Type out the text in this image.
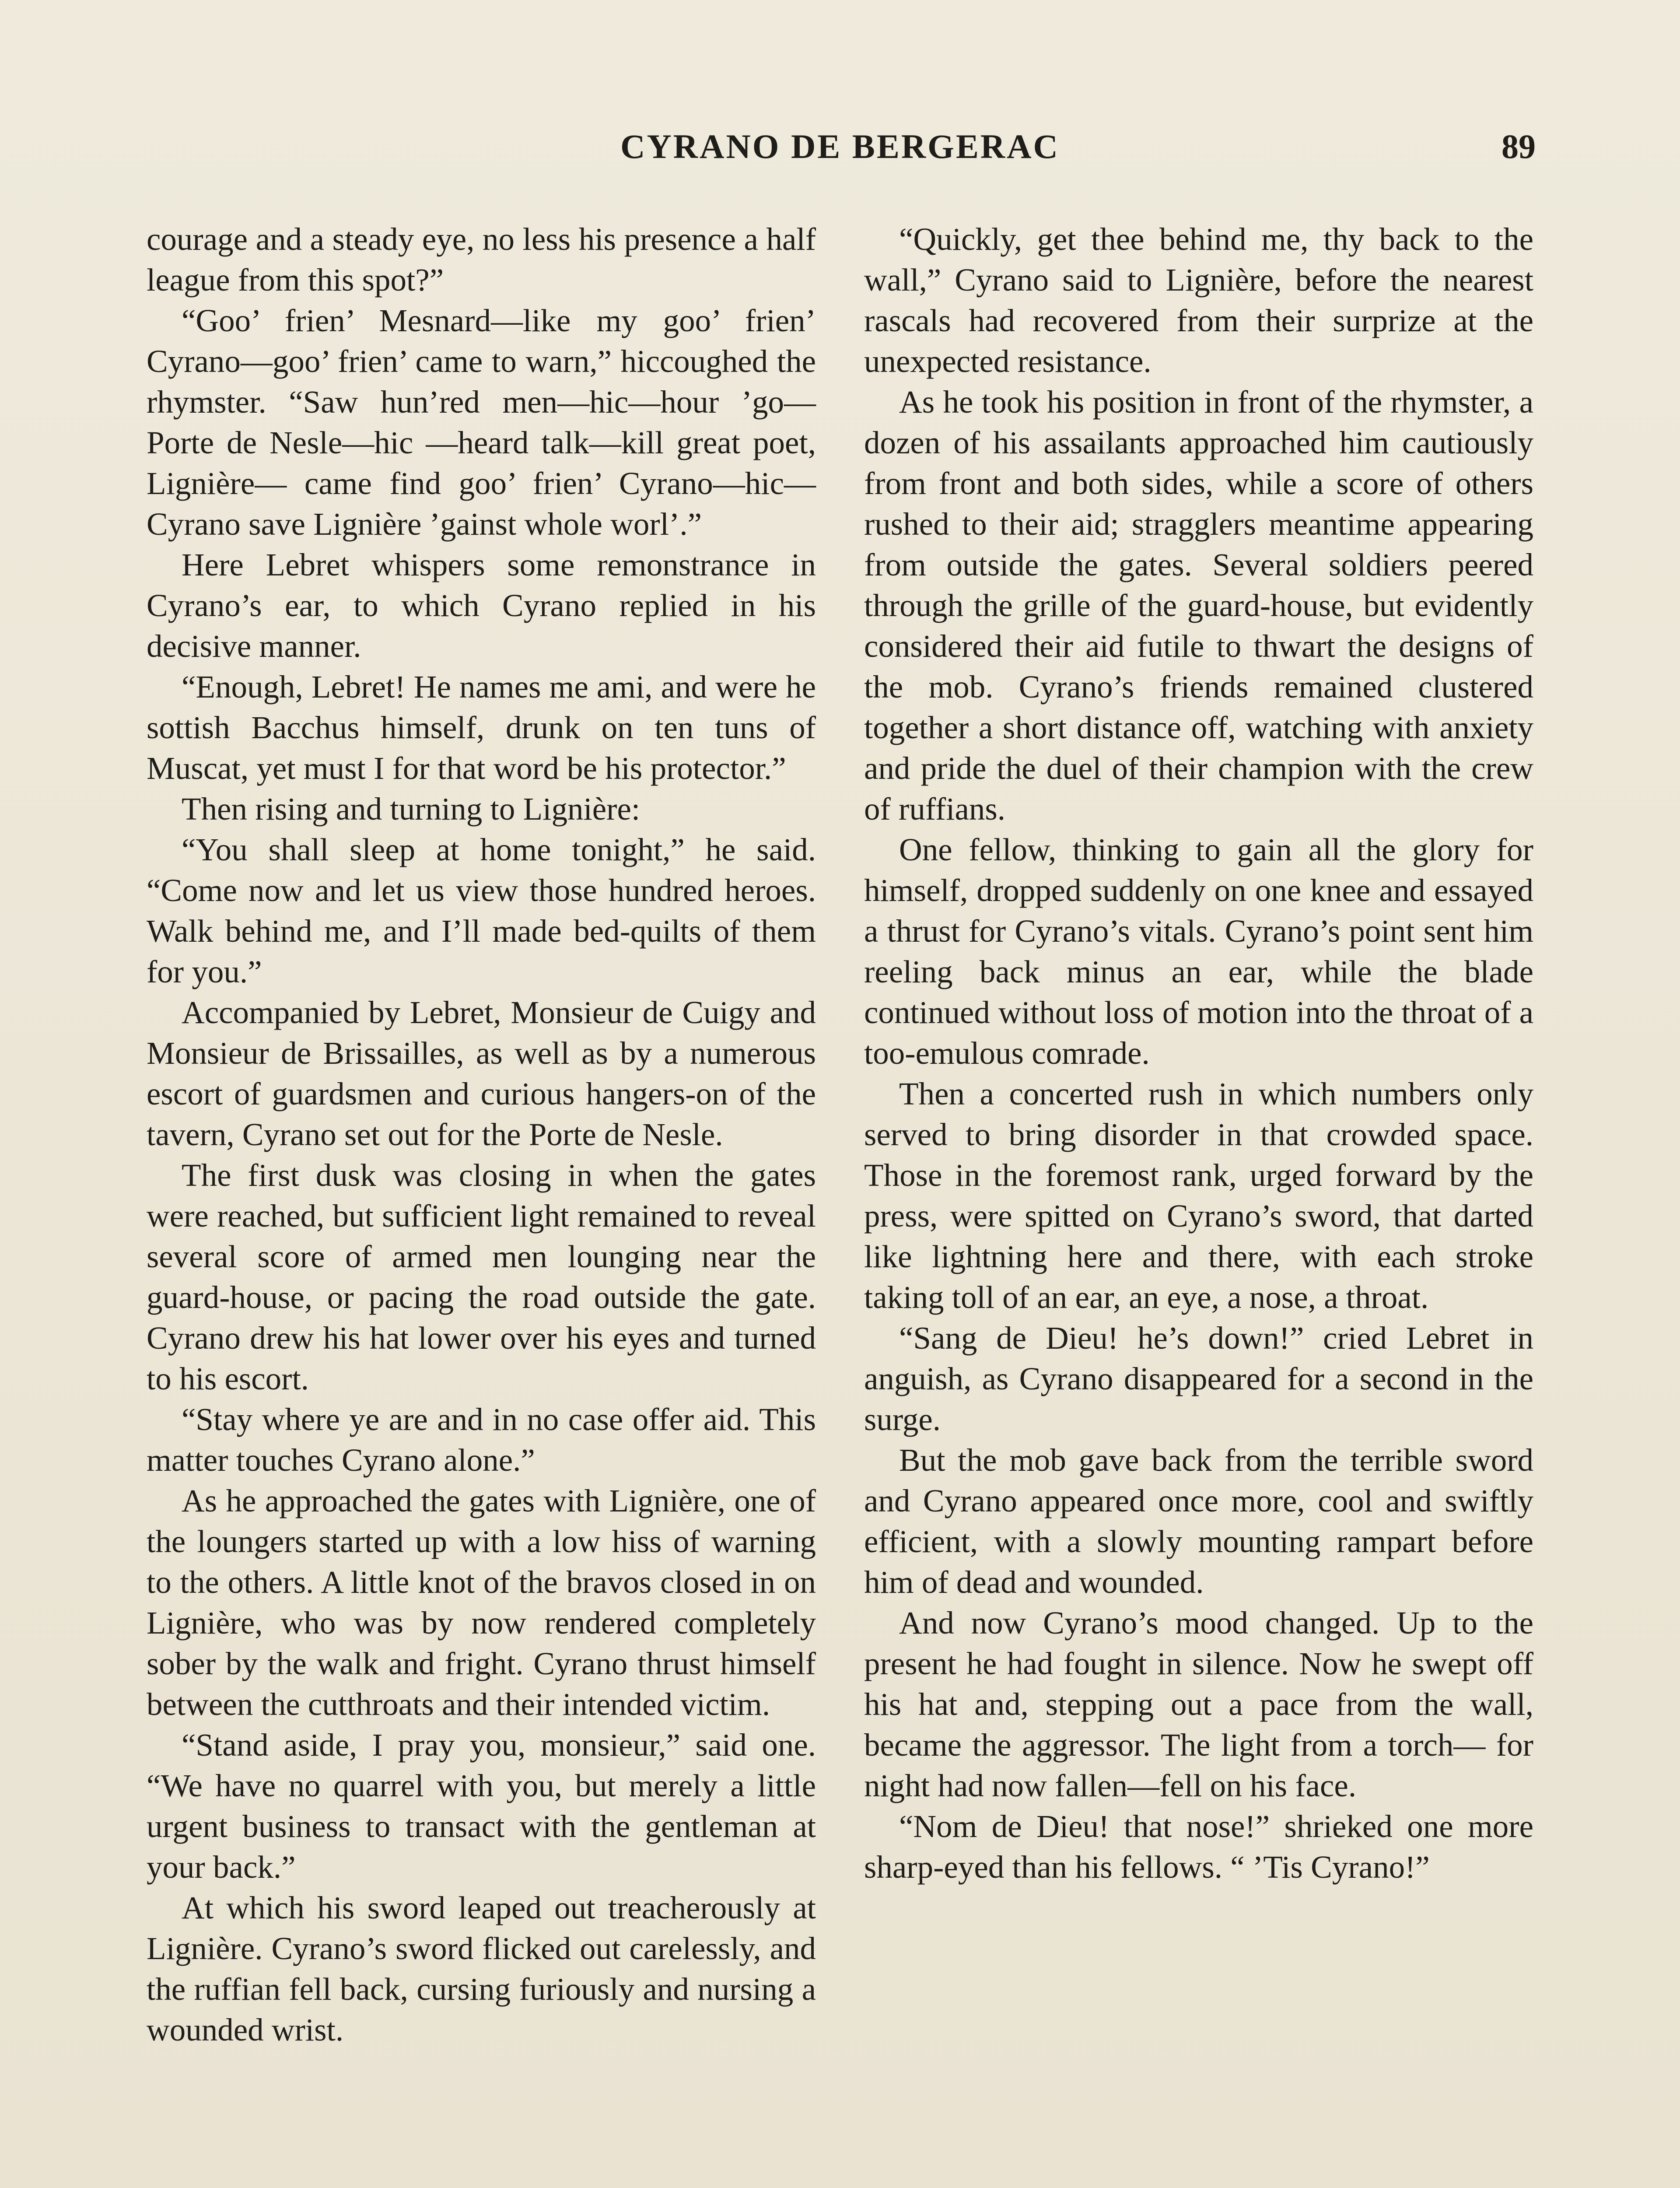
CYRANO DE BERGERAC	89

courage and a steady eye, no less his presence a half league from this spot?”

“Goo’ frien’ Mesnard—like my goo’ frien’ Cyrano—goo’ frien’ came to warn,” hiccoughed the rhymster. “Saw hun’red men—hic—hour ’go—Porte de Nesle—hic —heard talk—kill great poet, Lignière— came find goo’ frien’ Cyrano—hic—Cyrano save Lignière ’gainst whole worl’.”

Here Lebret whispers some remonstrance in Cyrano’s ear, to which Cyrano replied in his decisive manner.

“Enough, Lebret! He names me ami, and were he sottish Bacchus himself, drunk on ten tuns of Muscat, yet must I for that word be his protector.”

Then rising and turning to Lignière:

“You shall sleep at home tonight,” he said. “Come now and let us view those hundred heroes. Walk behind me, and I’ll made bed-quilts of them for you.”

Accompanied by Lebret, Monsieur de Cuigy and Monsieur de Brissailles, as well as by a numerous escort of guardsmen and curious hangers-on of the tavern, Cyrano set out for the Porte de Nesle.

The first dusk was closing in when the gates were reached, but sufficient light remained to reveal several score of armed men lounging near the guard-house, or pacing the road outside the gate. Cyrano drew his hat lower over his eyes and turned to his escort.

“Stay where ye are and in no case offer aid. This matter touches Cyrano alone.”

As he approached the gates with Lignière, one of the loungers started up with a low hiss of warning to the others. A little knot of the bravos closed in on Lignière, who was by now rendered completely sober by the walk and fright. Cyrano thrust himself between the cutthroats and their intended victim.

“Stand aside, I pray you, monsieur,” said one. “We have no quarrel with you, but merely a little urgent business to transact with the gentleman at your back.”

At which his sword leaped out treacherously at Lignière. Cyrano’s sword flicked out carelessly, and the ruffian fell back, cursing furiously and nursing a wounded wrist.

“Quickly, get thee behind me, thy back to the wall,” Cyrano said to Lignière, before the nearest rascals had recovered from their surprize at the unexpected resistance.

As he took his position in front of the rhymster, a dozen of his assailants approached him cautiously from front and both sides, while a score of others rushed to their aid; stragglers meantime appearing from outside the gates. Several soldiers peered through the grille of the guard-house, but evidently considered their aid futile to thwart the designs of the mob. Cyrano’s friends remained clustered together a short distance off, watching with anxiety and pride the duel of their champion with the crew of ruffians.

One fellow, thinking to gain all the glory for himself, dropped suddenly on one knee and essayed a thrust for Cyrano’s vitals. Cyrano’s point sent him reeling back minus an ear, while the blade continued without loss of motion into the throat of a too-emulous comrade.

Then a concerted rush in which numbers only served to bring disorder in that crowded space. Those in the foremost rank, urged forward by the press, were spitted on Cyrano’s sword, that darted like lightning here and there, with each stroke taking toll of an ear, an eye, a nose, a throat.

“Sang de Dieu! he’s down!” cried Lebret in anguish, as Cyrano disappeared for a second in the surge.

But the mob gave back from the terrible sword and Cyrano appeared once more, cool and swiftly efficient, with a slowly mounting rampart before him of dead and wounded.

And now Cyrano’s mood changed. Up to the present he had fought in silence. Now he swept off his hat and, stepping out a pace from the wall, became the aggressor. The light from a torch— for night had now fallen—fell on his face.

“Nom de Dieu! that nose!” shrieked one more sharp-eyed than his fellows. “ ’Tis Cyrano!”
